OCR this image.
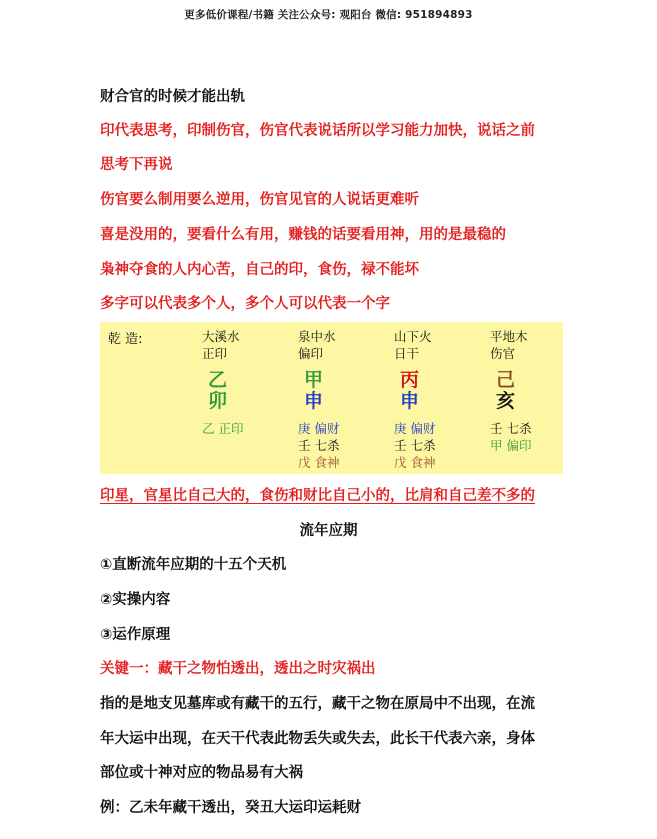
更多低价课程/书籍 关注公众号: 观阳台 微信: 951894893
财合官的时候才能出轨
印代表思考，印制伤官，伤官代表说话所以学习能力加快，说话之前
思考下再说
伤官要么制用要么逆用，伤官见官的人说话更难听
喜是没用的，要看什么有用，赚钱的话要看用神，用的是最稳的
枭神夺食的人内心苦，自己的印，食伤，禄不能坏
多字可以代表多个人，多个人可以代表一个字
乾 造:	大溪水
正印
乙
卯
乙 正印
泉中水
偏印
甲
申
庚 偏财
壬 七杀
戊 食神
山下火
日干
丙
申
庚 偏财
壬 七杀
戊 食神
平地木
伤官
己
亥
壬 七杀
甲 偏印
印星，官星比自己大的，食伤和财比自己小的，比肩和自己差不多的
流年应期
①直断流年应期的十五个天机
②实操内容
③运作原理
关键一：藏干之物怕透出，透出之时灾祸出
指的是地支见墓库或有藏干的五行，藏干之物在原局中不出现，在流
年大运中出现，在天干代表此物丢失或失去，此长干代表六亲，身体
部位或十神对应的物品易有大祸
例：乙未年藏干透出，癸丑大运印运耗财
